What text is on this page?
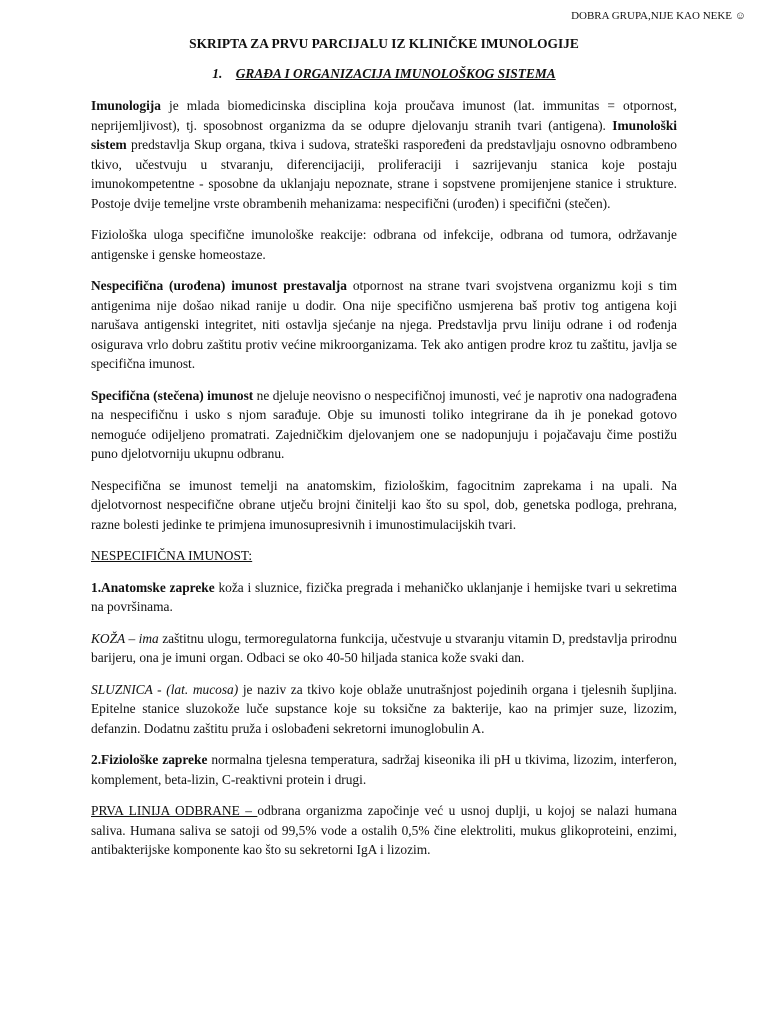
DOBRA GRUPA,NIJE KAO NEKE ☺
SKRIPTA ZA PRVU PARCIJALU IZ KLINIČKE IMUNOLOGIJE
1. GRAĐA I ORGANIZACIJA IMUNOLOŠKOG SISTEMA

Imunologija je mlada biomedicinska disciplina koja proučava imunost (lat. immunitas = otpornost, neprijemljivost), tj. sposobnost organizma da se odupre djelovanju stranih tvari (antigena). Imunološki sistem predstavlja Skup organa, tkiva i sudova, strateški raspoređeni da predstavljaju osnovno odbrambeno tkivo, učestvuju u stvaranju, diferencijaciji, proliferaciji i sazrijevanju stanica koje postaju imunokompetentne - sposobne da uklanjaju nepoznate, strane i sopstvene promijenjene stanice i strukture. Postoje dvije temeljne vrste obrambenih mehanizama: nespecifični (urođen) i specifični (stečen).

Fiziološka uloga specifične imunološke reakcije: odbrana od infekcije, odbrana od tumora, održavanje antigenske i genske homeostaze.

Nespecifična (urođena) imunost prestavalja otpornost na strane tvari svojstvena organizmu koji s tim antigenima nije došao nikad ranije u dodir. Ona nije specifično usmjerena baš protiv tog antigena koji narušava antigenski integritet, niti ostavlja sjećanje na njega. Predstavlja prvu liniju odrane i od rođenja osigurava vrlo dobru zaštitu protiv većine mikroorganizama. Tek ako antigen prodre kroz tu zaštitu, javlja se specifična imunost.

Specifična (stečena) imunost ne djeluje neovisno o nespecifičnoj imunosti, već je naprotiv ona nadograđena na nespecifičnu i usko s njom sarađuje. Obje su imunosti toliko integrirane da ih je ponekad gotovo nemoguće odijeljeno promatrati. Zajedničkim djelovanjem one se nadopunjuju i pojačavaju čime postižu puno djelotvorniju ukupnu odbranu.

Nespecifična se imunost temelji na anatomskim, fiziološkim, fagocitnim zaprekama i na upali. Na djelotvornost nespecifične obrane utječu brojni činitelji kao što su spol, dob, genetska podloga, prehrana, razne bolesti jedinke te primjena imunosupresivnih i imunostimulacijskih tvari.

NESPECIFIČNA IMUNOST:

1.Anatomske zapreke koža i sluznice, fizička pregrada i mehaničko uklanjanje i hemijske tvari u sekretima na površinama.

KOŽA – ima zaštitnu ulogu, termoregulatorna funkcija, učestvuje u stvaranju vitamin D, predstavlja prirodnu barijeru, ona je imuni organ. Odbaci se oko 40-50 hiljada stanica kože svaki dan.

SLUZNICA - (lat. mucosa) je naziv za tkivo koje oblaže unutrašnjost pojedinih organa i tjelesnih šupljina. Epitelne stanice sluzokože luče supstance koje su toksične za bakterije, kao na primjer suze, lizozim, defanzin. Dodatnu zaštitu pruža i oslobađeni sekretorni imunoglobulin A.

2.Fiziološke zapreke normalna tjelesna temperatura, sadržaj kiseonika ili pH u tkivima, lizozim, interferon, komplement, beta-lizin, C-reaktivni protein i drugi.

PRVA LINIJA ODBRANE – odbrana organizma započinje već u usnoj duplji, u kojoj se nalazi humana saliva. Humana saliva se satoji od 99,5% vode a ostalih 0,5% čine elektroliti, mukus glikoproteini, enzimi, antibakterijske komponente kao što su sekretorni IgA i lizozim.
